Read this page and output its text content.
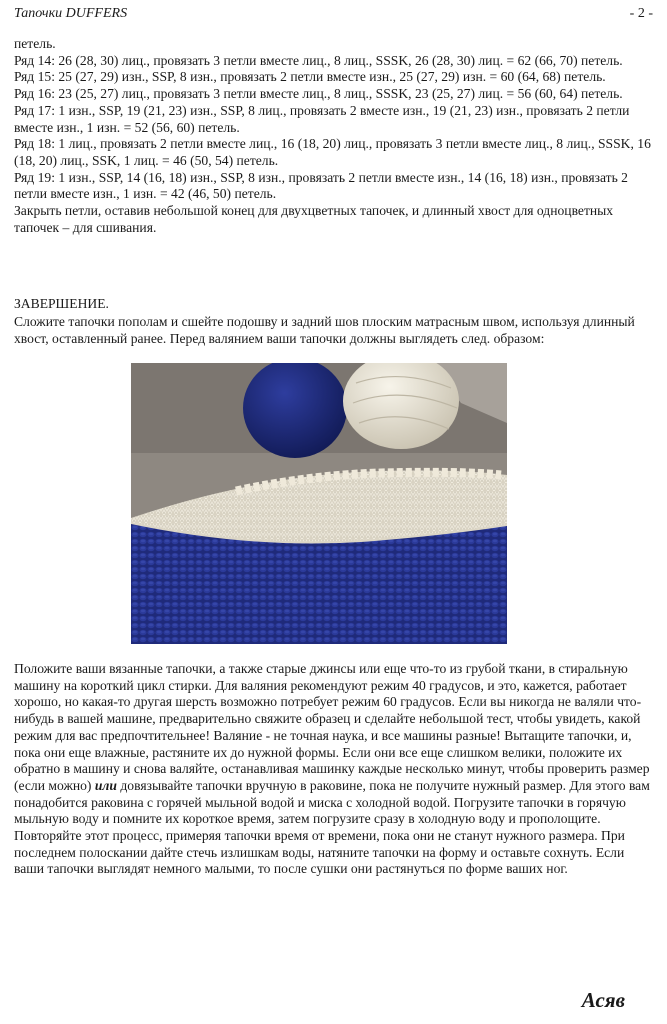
Тапочки DUFFERS	- 2 -

петель.

Ряд 14: 26 (28, 30) лиц., провязать 3 петли вместе лиц., 8 лиц., SSSK, 26 (28, 30) лиц. = 62 (66, 70) петель.

Ряд 15: 25 (27, 29) изн., SSP, 8 изн., провязать 2 петли вместе изн., 25 (27, 29) изн. = 60 (64, 68) петель.

Ряд 16: 23 (25, 27) лиц., провязать 3 петли вместе лиц., 8 лиц., SSSK, 23 (25, 27) лиц. = 56 (60, 64) петель.

Ряд 17: 1 изн., SSP, 19 (21, 23) изн., SSP, 8 лиц., провязать 2 вместе изн., 19 (21, 23) изн., провязать 2 петли вместе изн., 1 изн. = 52 (56, 60) петель.

Ряд 18: 1 лиц., провязать 2 петли вместе лиц., 16 (18, 20) лиц., провязать 3 петли вместе лиц., 8 лиц., SSSK, 16 (18, 20) лиц., SSK, 1 лиц. = 46 (50, 54) петель.

Ряд 19: 1 изн., SSP, 14 (16, 18) изн., SSP, 8 изн., провязать 2 петли вместе изн., 14 (16, 18) изн., провязать 2 петли вместе изн., 1 изн. = 42 (46, 50) петель.

Закрыть петли, оставив небольшой конец для двухцветных тапочек, и длинный хвост для одноцветных тапочек – для сшивания.

ЗАВЕРШЕНИЕ.

Сложите тапочки пополам и сшейте подошву и задний шов плоским матрасным швом, используя длинный хвост, оставленный ранее. Перед валянием ваши тапочки должны выглядеть след. образом:

Положите ваши вязанные тапочки, а также старые джинсы или еще что-то из грубой ткани, в стиральную машину на короткий цикл стирки. Для валяния рекомендуют режим 40 градусов, и это, кажется, работает хорошо, но какая-то другая шерсть возможно потребует режим 60 градусов. Если вы никогда не валяли что-нибудь в вашей машине, предварительно свяжите образец и сделайте небольшой тест, чтобы увидеть, какой режим для вас предпочтительнее! Валяние - не точная наука, и все машины разные! Вытащите тапочки, и, пока они еще влажные, растяните их до нужной формы. Если они все еще слишком велики, положите их обратно в машину и снова валяйте, останавливая машинку каждые несколько минут, чтобы проверить размер (если можно) или довязывайте тапочки вручную в раковине, пока не получите нужный размер. Для этого вам понадобится раковина с горячей мыльной водой и миска с холодной водой. Погрузите тапочки в горячую мыльную воду и помните их короткое время, затем погрузите сразу в холодную воду и прополощите. Повторяйте этот процесс, примеряя тапочки время от времени, пока они не станут нужного размера. При последнем полоскании дайте стечь излишкам воды, натяните тапочки на форму и оставьте сохнуть. Если ваши тапочки выглядят немного малыми, то после сушки они растянуться по форме ваших ног.

Асяв
